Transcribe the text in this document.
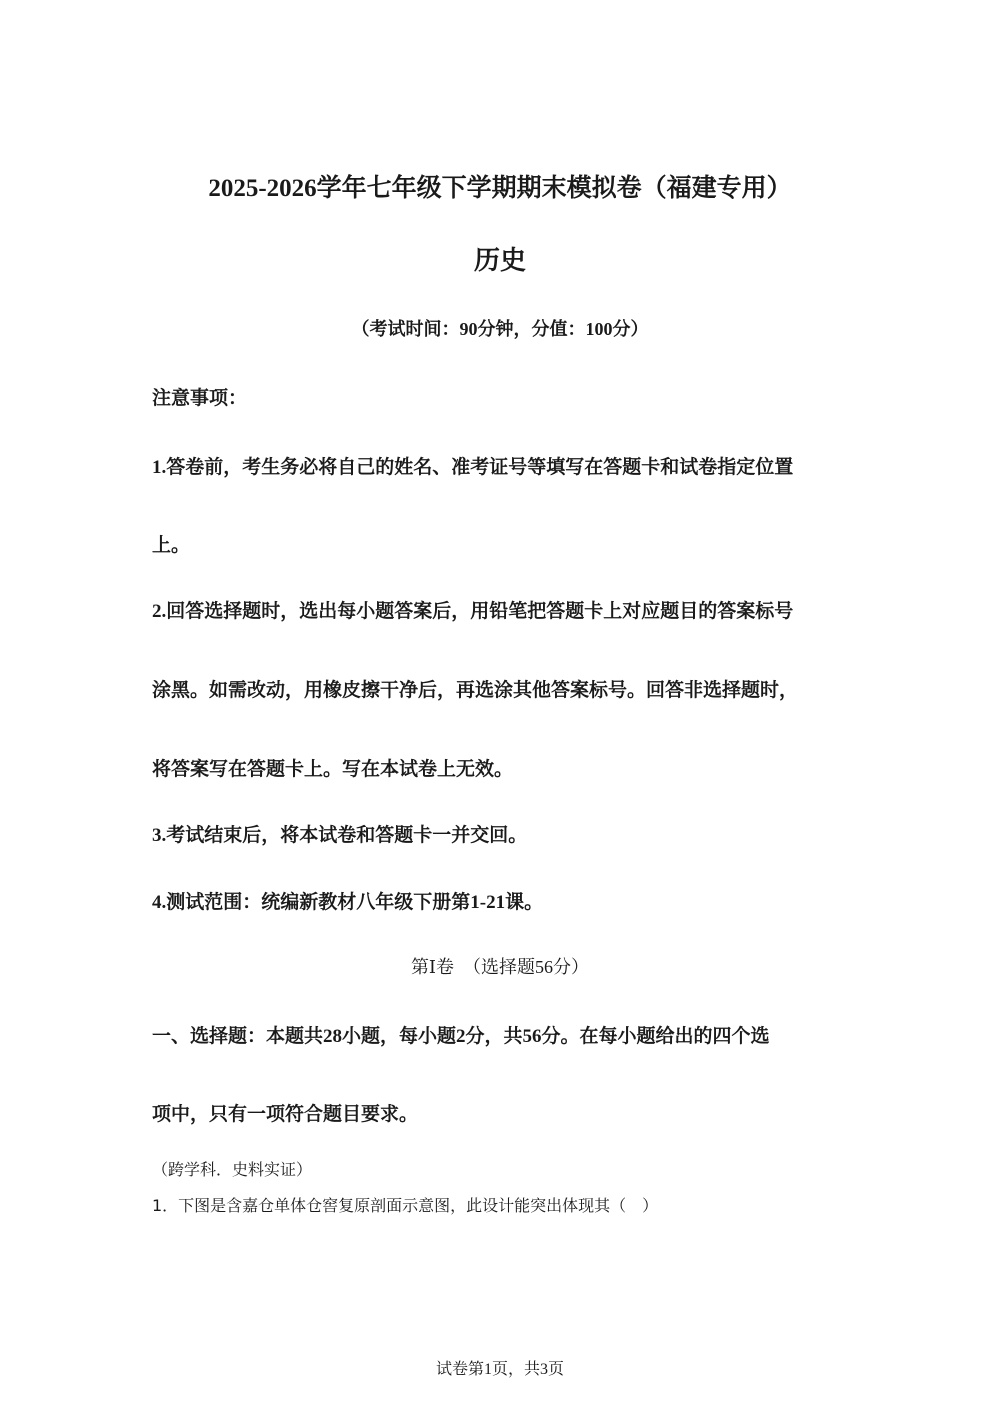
2025-2026学年七年级下学期期末模拟卷（福建专用）
历史
（考试时间：90分钟，分值：100分）
注意事项：
1.答卷前，考生务必将自己的姓名、准考证号等填写在答题卡和试卷指定位置
上。
2.回答选择题时，选出每小题答案后，用铅笔把答题卡上对应题目的答案标号
涂黑。如需改动，用橡皮擦干净后，再选涂其他答案标号。回答非选择题时，
将答案写在答题卡上。写在本试卷上无效。
3.考试结束后，将本试卷和答题卡一并交回。
4.测试范围：统编新教材八年级下册第1-21课。
第Ⅰ卷　（选择题56分）
一、选择题：本题共28小题，每小题2分，共56分。在每小题给出的四个选
项中，只有一项符合题目要求。
（跨学科．史料实证）
1．下图是含嘉仓单体仓窖复原剖面示意图，此设计能突出体现其（　）
试卷第1页，共3页
